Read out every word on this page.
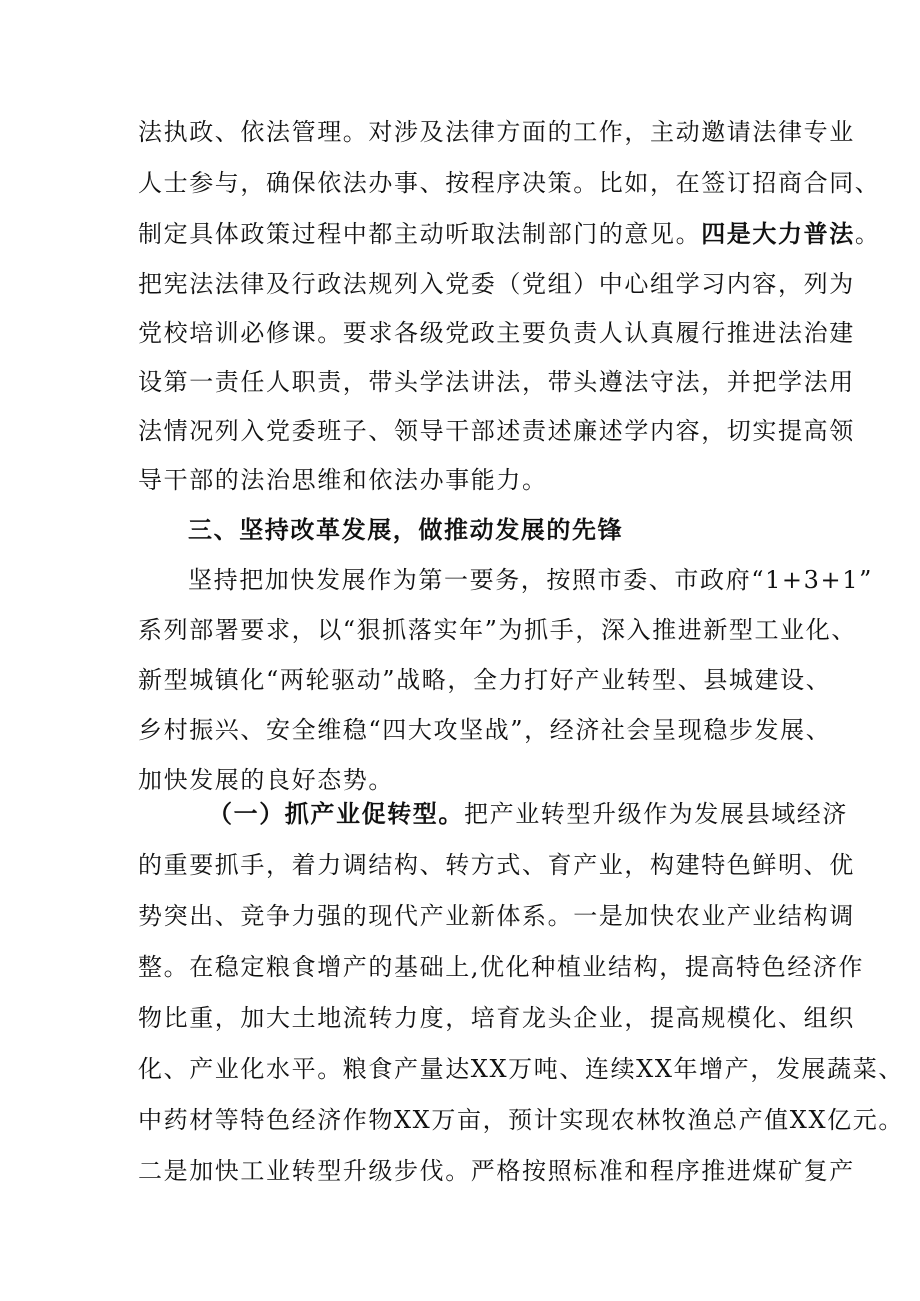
法执政、依法管理。对涉及法律方面的工作，主动邀请法律专业
人士参与，确保依法办事、按程序决策。比如，在签订招商合同、
制定具体政策过程中都主动听取法制部门的意见。四是大力普法。
把宪法法律及行政法规列入党委（党组）中心组学习内容，列为
党校培训必修课。要求各级党政主要负责人认真履行推进法治建
设第一责任人职责，带头学法讲法，带头遵法守法，并把学法用
法情况列入党委班子、领导干部述责述廉述学内容，切实提高领
导干部的法治思维和依法办事能力。
三、坚持改革发展，做推动发展的先锋
坚持把加快发展作为第一要务，按照市委、市政府“1+3+1”
系列部署要求，以“狠抓落实年”为抓手，深入推进新型工业化、
新型城镇化“两轮驱动”战略，全力打好产业转型、县城建设、
乡村振兴、安全维稳“四大攻坚战”，经济社会呈现稳步发展、
加快发展的良好态势。
（一）抓产业促转型。把产业转型升级作为发展县域经济
的重要抓手，着力调结构、转方式、育产业，构建特色鲜明、优
势突出、竞争力强的现代产业新体系。一是加快农业产业结构调
整。在稳定粮食增产的基础上,优化种植业结构，提高特色经济作
物比重，加大土地流转力度，培育龙头企业，提高规模化、组织
化、产业化水平。粮食产量达XX万吨、连续XX年增产，发展蔬菜、
中药材等特色经济作物XX万亩，预计实现农林牧渔总产值XX亿元。
二是加快工业转型升级步伐。严格按照标准和程序推进煤矿复产
